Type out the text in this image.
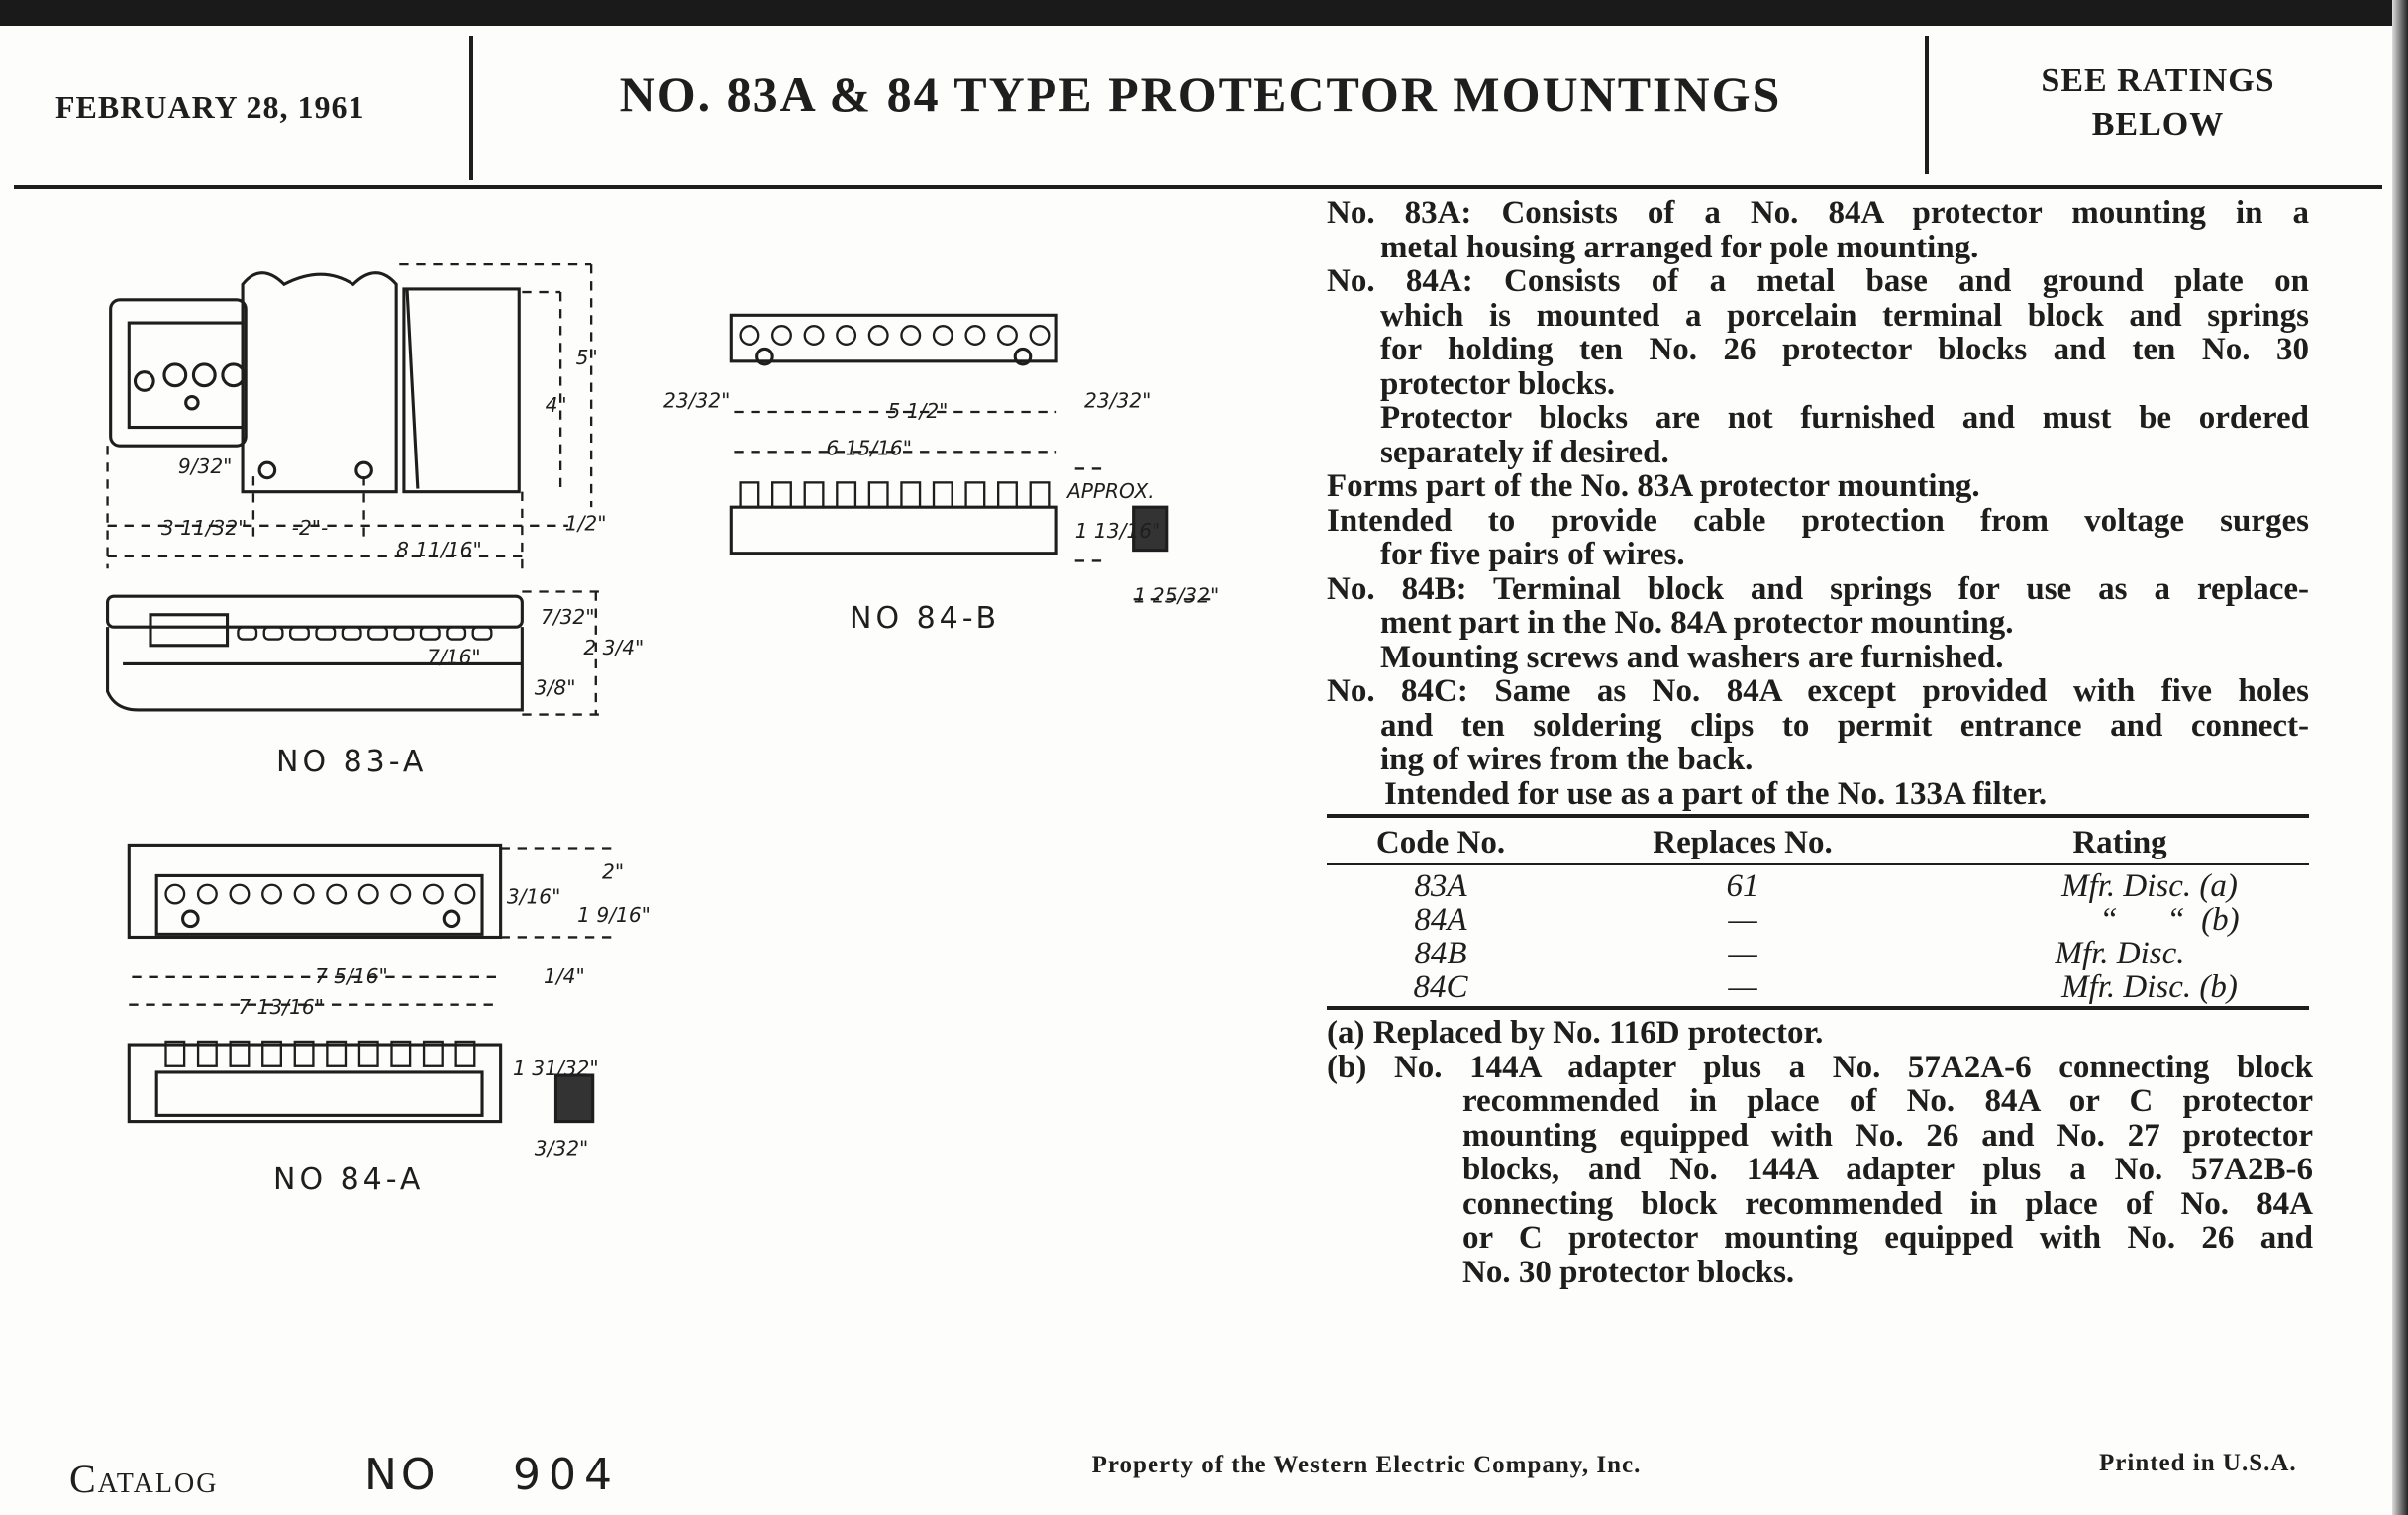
FEBRUARY 28, 1961	NO. 83A & 84 TYPE PROTECTOR MOUNTINGS	SEE RATINGS
BELOW
5"
4"
9/32"
3 11/32"	-2"-
8 11/16"
1/2"
7/32"
2 3/4"
7/16"
3/8"
23/32"	5 1/2"	23/32"
6 15/16"
APPROX.
1 13/16"
1 25/32"
2"
3/16"
1 9/16"
7 5/16"
7 13/16"
1/4"
1 31/32"
3/32"
NO 83-A
NO 84-B
NO 84-A
No. 83A: Consists of a No. 84A protector mounting in a
metal housing arranged for pole mounting.
No. 84A: Consists of a metal base and ground plate on
which is mounted a porcelain terminal block and springs
for holding ten No. 26 protector blocks and ten No. 30
protector blocks.
Protector blocks are not furnished and must be ordered
separately if desired.
Forms part of the No. 83A protector mounting.
Intended to provide cable protection from voltage surges
for five pairs of wires.
No. 84B: Terminal block and springs for use as a replace-
ment part in the No. 84A protector mounting.
Mounting screws and washers are furnished.
No. 84C: Same as No. 84A except provided with five holes
and ten soldering clips to permit entrance and connect-
ing of wires from the back.
Intended for use as a part of the No. 133A filter.
Code No.	Replaces No.	Rating
83A	61	Mfr. Disc. (a)
84A	—	“      “  (b)
84B	—	Mfr. Disc.
84C	—	Mfr. Disc. (b)
(a) Replaced by No. 116D protector.
(b) No. 144A adapter plus a No. 57A2A-6 connecting block
recommended in place of No. 84A or C protector
mounting equipped with No. 26 and No. 27 protector
blocks, and No. 144A adapter plus a No. 57A2B-6
connecting block recommended in place of No. 84A
or C protector mounting equipped with No. 26 and
No. 30 protector blocks.
Catalog	NO 904	Property of the Western Electric Company, Inc.	Printed in U.S.A.
